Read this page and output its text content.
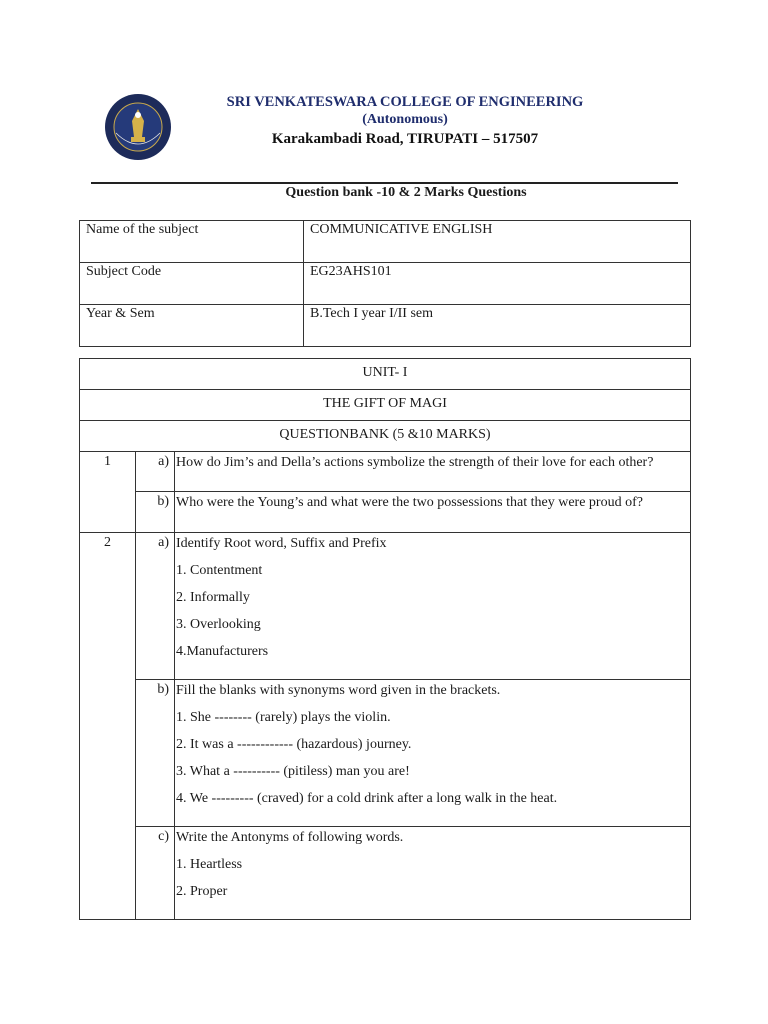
SRI VENKATESWARA COLLEGE OF ENGINEERING
(Autonomous)
Karakambadi Road, TIRUPATI – 517507
Question bank -10 & 2 Marks Questions
Name of the subject	COMMUNICATIVE ENGLISH
Subject Code	EG23AHS101
Year & Sem	B.Tech I year I/II sem
UNIT- I		
THE GIFT OF MAGI		
QUESTIONBANK (5 &10 MARKS)		
1	a)	How do Jim’s and Della’s actions symbolize the strength of their love for each other?

	b)	Who were the Young’s and what were the two possessions that they were proud of?

2	a)	Identify Root word, Suffix and Prefix
1. Contentment
2. Informally
3. Overlooking
4.Manufacturers

	b)	Fill the blanks with synonyms word given in the brackets.
1. She -------- (rarely) plays the violin.
2. It was a ------------ (hazardous) journey.
3. What a ---------- (pitiless) man you are!
4. We --------- (craved) for a cold drink after a long walk in the heat.

	c)	Write the Antonyms of following words.
1. Heartless
2. Proper
